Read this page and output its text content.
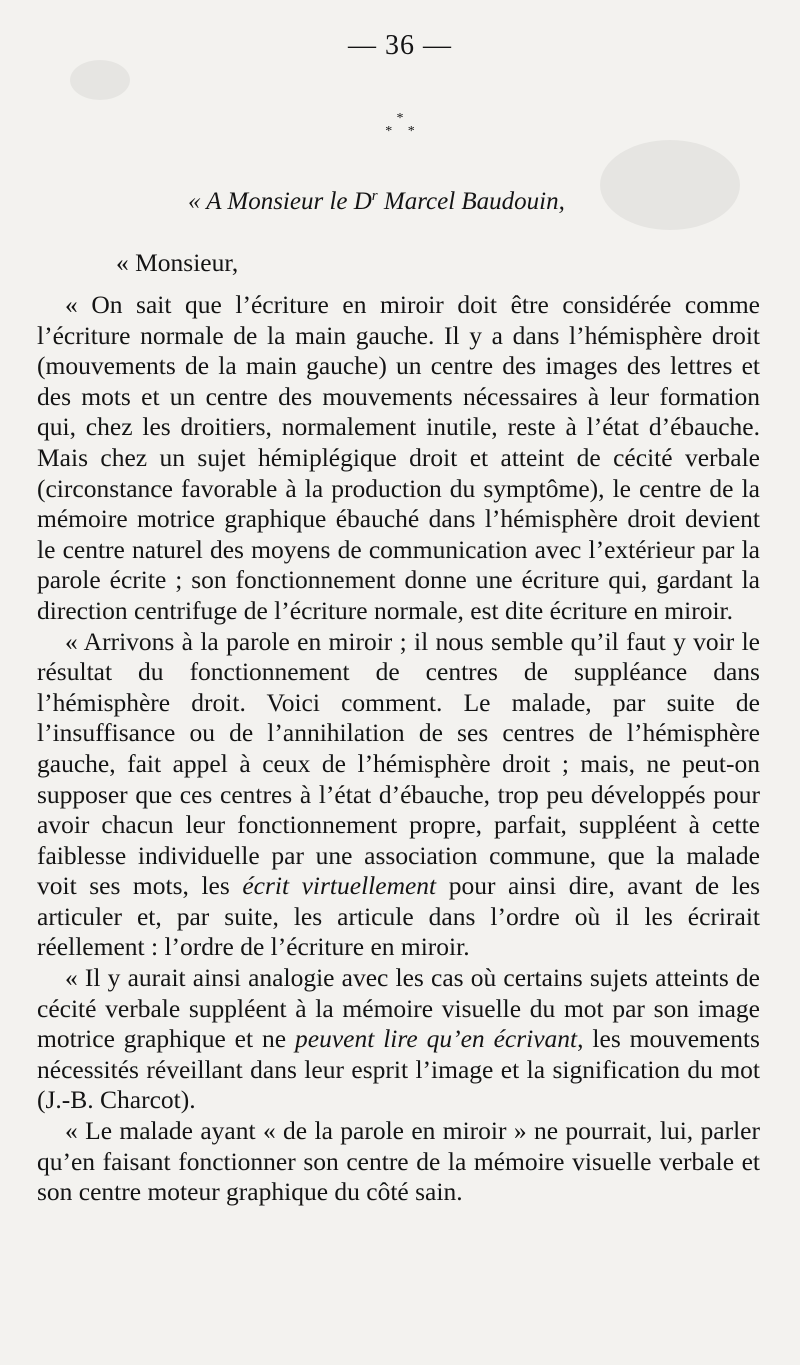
— 36 —
*
* *
« A Monsieur le $D^r$ Marcel Baudouin,
« Monsieur,

« On sait que l’écriture en miroir doit être considérée comme l’écriture normale de la main gauche. Il y a dans l’hémisphère droit (mouvements de la main gauche) un centre des images des lettres et des mots et un centre des mouvements nécessaires à leur formation qui, chez les droitiers, normalement inutile, reste à l’état d’ébauche. Mais chez un sujet hémiplégique droit et atteint de cécité verbale (circonstance favorable à la production du symptôme), le centre de la mémoire motrice graphique ébauché dans l’hémisphère droit devient le centre naturel des moyens de communication avec l’extérieur par la parole écrite ; son fonctionnement donne une écriture qui, gardant la direction centrifuge de l’écriture normale, est dite écriture en miroir.

« Arrivons à la parole en miroir ; il nous semble qu’il faut y voir le résultat du fonctionnement de centres de suppléance dans l’hémisphère droit. Voici comment. Le malade, par suite de l’insuffisance ou de l’annihilation de ses centres de l’hémisphère gauche, fait appel à ceux de l’hémisphère droit ; mais, ne peut-on supposer que ces centres à l’état d’ébauche, trop peu développés pour avoir chacun leur fonctionnement propre, parfait, suppléent à cette faiblesse individuelle par une association commune, que la malade voit ses mots, les écrit virtuellement pour ainsi dire, avant de les articuler et, par suite, les articule dans l’ordre où il les écrirait réellement : l’ordre de l’écriture en miroir.

« Il y aurait ainsi analogie avec les cas où certains sujets atteints de cécité verbale suppléent à la mémoire visuelle du mot par son image motrice graphique et ne peuvent lire qu’en écrivant, les mouvements nécessités réveillant dans leur esprit l’image et la signification du mot (J.-B. Charcot).

« Le malade ayant « de la parole en miroir » ne pourrait, lui, parler qu’en faisant fonctionner son centre de la mémoire visuelle verbale et son centre moteur graphique du côté sain.
